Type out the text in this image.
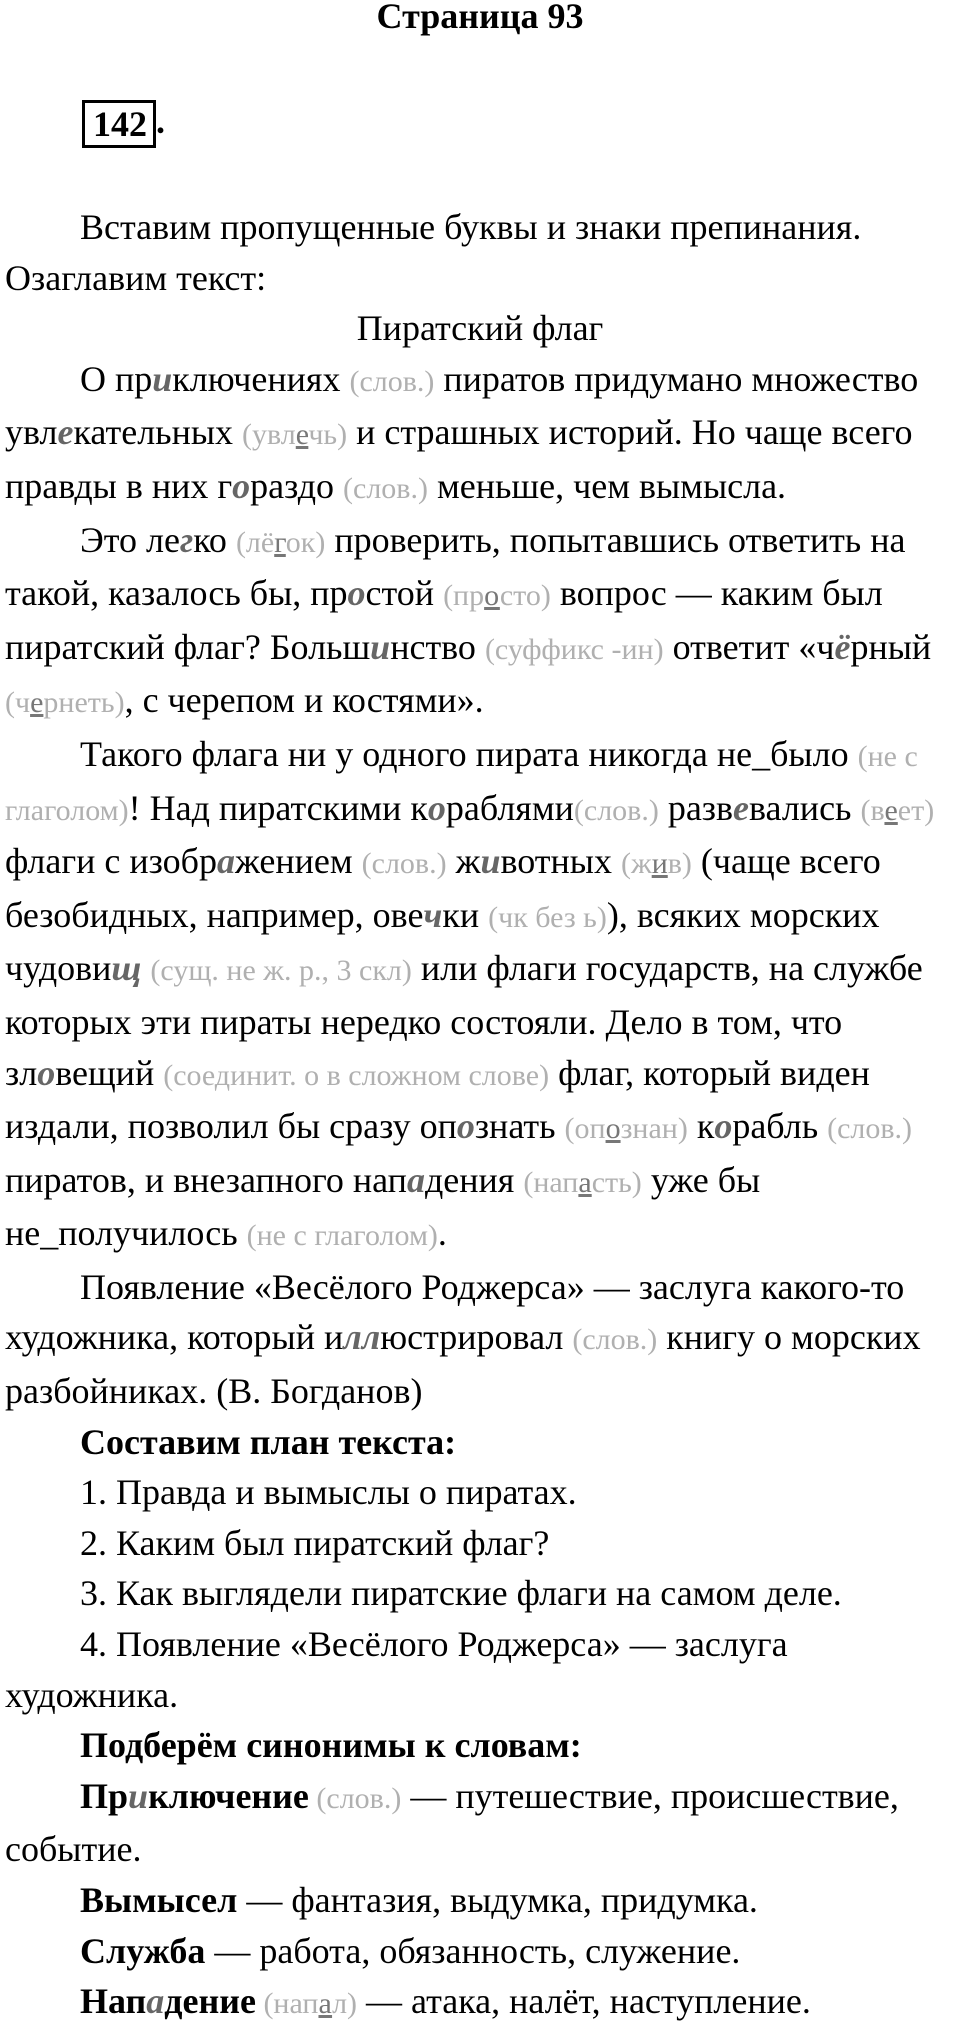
Страница 93
142 .

Вставим пропущенные буквы и знаки препинания. Озаглавим текст:

Пиратский флаг

О приключениях (слов.) пиратов придумано множество увлекательных (увлечь) и страшных историй. Но чаще всего правды в них гораздо (слов.) меньше, чем вымысла.

Это легко (лёгок) проверить, попытавшись ответить на такой, казалось бы, простой (просто) вопрос — каким был пиратский флаг? Большинство (суффикс -ин) ответит «чёрный (чернеть), с черепом и костями».

Такого флага ни у одного пирата никогда не_было (не с глаголом)! Над пиратскими кораблями(слов.) развевались (веет) флаги с изображением (слов.) животных (жив) (чаще всего безобидных, например, овечки (чк без ь)), всяких морских чудовищ (сущ. не ж. р., 3 скл) или флаги государств, на службе которых эти пираты нередко состояли. Дело в том, что зловещий (соединит. о в сложном слове) флаг, который виден издали, позволил бы сразу опознать (опознан) корабль (слов.) пиратов, и внезапного нападения (напасть) уже бы не_получилось (не с глаголом).

Появление «Весёлого Роджерса» — заслуга какого-то художника, который иллюстрировал (слов.) книгу о морских разбойниках. (В. Богданов)

Составим план текста:

1. Правда и вымыслы о пиратах.

2. Каким был пиратский флаг?

3. Как выглядели пиратские флаги на самом деле.

4. Появление «Весёлого Роджерса» — заслуга художника.

Подберём синонимы к словам:

Приключение (слов.) — путешествие, происшествие, событие.

Вымысел — фантазия, выдумка, придумка.

Служба — работа, обязанность, служение.

Нападение (напал) — атака, налёт, наступление.
